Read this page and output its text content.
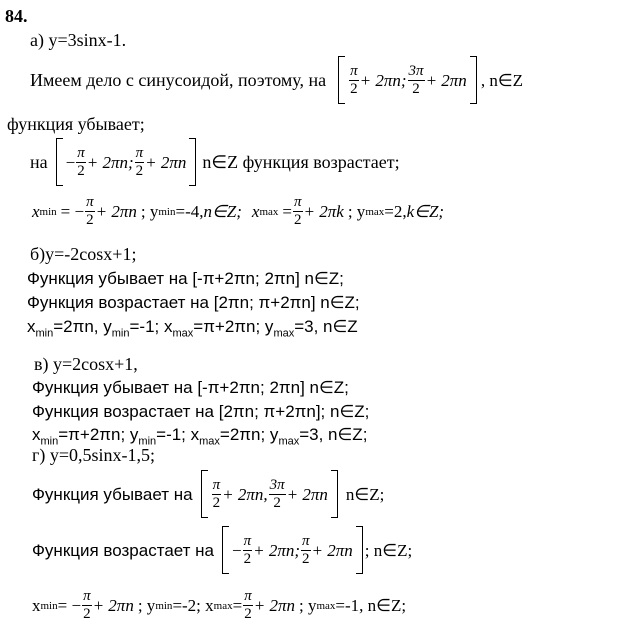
84.
а) y=3sinx-1.
Имеем дело с синусоидой, поэтому, на $\frac{\pi}{2} + 2\pi n$; $\frac{3\pi}{2} + 2\pi n$ , n∈Z
функция убывает;
на − $\frac{\pi}{2} + 2\pi n$; $\frac{\pi}{2} + 2\pi n$ n∈Z функция возрастает;
x min = − $\frac{\pi}{2} + 2\pi n$ ; y min =-4, n∈Z; x $\max = \frac{\pi}{2} + 2\pi k$ ; y max =2, k∈Z;
б)y=-2cosx+1;
Функция убывает на [-π+2πn; 2πn] n∈Z;
Функция возрастает на [2πn; π+2πn] n∈Z;
$x_{min}=2\pi n$, $y_{min}=-1$; $x_{max}=\pi+2\pi n$; $y_{max}=3$, n∈Z
в) y=2cosx+1,
Функция убывает на [-π+2πn; 2πn] n∈Z;
Функция возрастает на [2πn; π+2πn]; n∈Z;
$x_{min}=\pi+2\pi n$; $y_{min}=-1$; $x_{max}=2\pi n$; $y_{max}=3$, n∈Z;
г) y=0,5sinx-1,5;
Функция убывает на $\frac{\pi}{2} + 2\pi n$, $\frac{3\pi}{2} + 2\pi n$ n∈Z;
Функция возрастает на − $\frac{\pi}{2} + 2\pi n$; $\frac{\pi}{2} + 2\pi n$ ; n∈Z;
x min = − $\frac{\pi}{2} + 2\pi n$ ; y min =-2; x $\max = \frac{\pi}{2} + 2\pi n$ ; y max =-1, n∈Z;
